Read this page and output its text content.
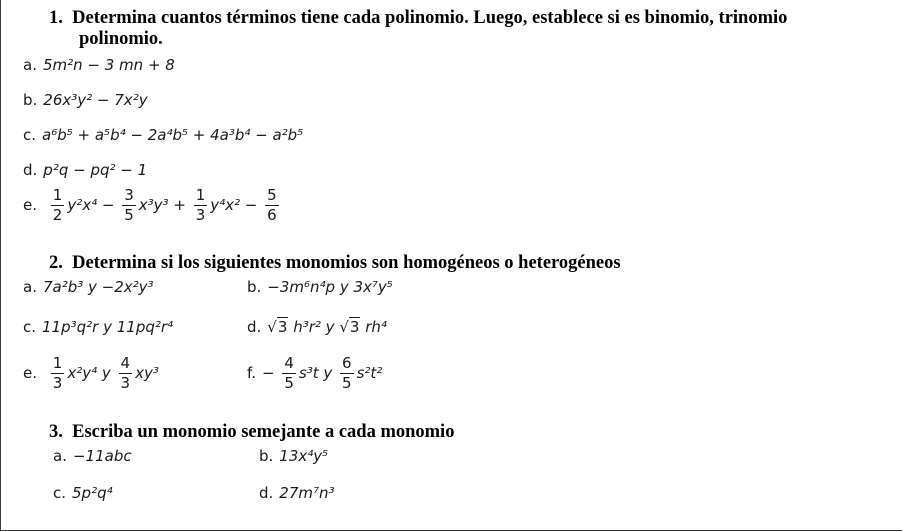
1. Determina cuantos términos tiene cada polinomio. Luego, establece si es binomio, trinomio
polinomio.
a. 5m²n − 3 mn + 8
b. 26x³y² − 7x²y
c. a⁶b⁵ + a⁵b⁴ − 2a⁴b⁵ + 4a³b⁴ − a²b⁵
d. p²q − pq² − 1
e. $\frac{1}{2} y^2x^4 - \frac{3}{5} x^3y^3 + \frac{1}{3} y^4x^2 - \frac{5}{6}$
2. Determina si los siguientes monomios son homogéneos o heterogéneos
a. 7a²b³ y −2x²y³	b. −3m⁶n⁴p y 3x⁷y⁵
c. 11p³q²r y 11pq²r⁴	d. √3 h³r² y √3 rh⁴
e. $\frac{1}{3} x^2y^4$ y $\frac{4}{3} xy^3$	f. − $\frac{4}{5} s^3t$ y $\frac{6}{5} s^2t^2$
3. Escriba un monomio semejante a cada monomio
a. −11abc	b. 13x⁴y⁵
c. 5p²q⁴	d. 27m⁷n³
